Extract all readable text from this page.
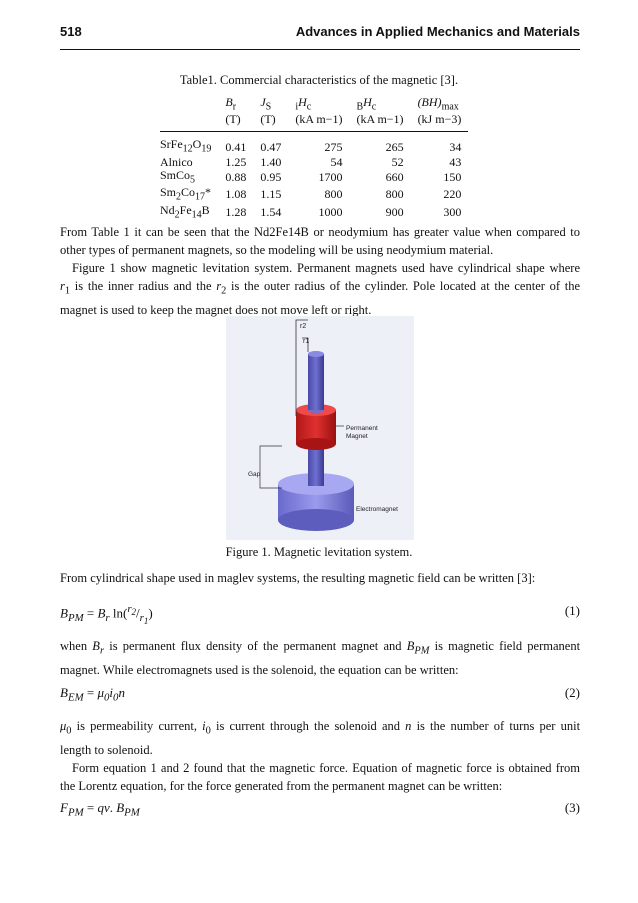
518	Advances in Applied Mechanics and Materials
Table1. Commercial characteristics of the magnetic [3].
	$B_r$	$J_S$	$_iH_c$	$_BH_c$	$(BH)_{max}$
	(T)	(T)	(kA m−1)	(kA m−1)	(kJ m−3)
$SrFe_{12}O_{19}$	0.41	0.47	275	265	34
Alnico	1.25	1.40	54	52	43
SmCo$_5$	0.88	0.95	1700	660	150
$Sm_2Co_{17}*$	1.08	1.15	800	800	220
$Nd_2Fe_{14}B$	1.28	1.54	1000	900	300
From Table 1 it can be seen that the Nd2Fe14B or neodymium has greater value when compared to
other types of permanent magnets, so the modeling will be using neodymium material.
Figure 1 show magnetic levitation system. Permanent magnets used have cylindrical shape where
$r_1$ is the inner radius and the $r_2$ is the outer radius of the cylinder. Pole located at the center of the
magnet is used to keep the magnet does not move left or right.
r2
r1
Permanent
Magnet
Gap
Electromagnet
Figure 1. Magnetic levitation system.
From cylindrical shape used in maglev systems, the resulting magnetic field can be written [3]:
$B_{PM} = B_r$ $\ln(^{r_2}/_{r_1})$	(1)
when $B_r$ is permanent flux density of the permanent magnet and $B_{PM}$ is magnetic field permanent
magnet. While electromagnets used is the solenoid, the equation can be written:
$B_{EM} = \mu_0i_0n$	(2)
$\mu_0$ is permeability current, $i_0$ is current through the solenoid and n is the number of turns per unit
length to solenoid.
Form equation 1 and 2 found that the magnetic force. Equation of magnetic force is obtained from
the Lorentz equation, for the force generated from the permanent magnet can be written:
$F_{PM}$ = qv. $B_{PM}$	(3)
